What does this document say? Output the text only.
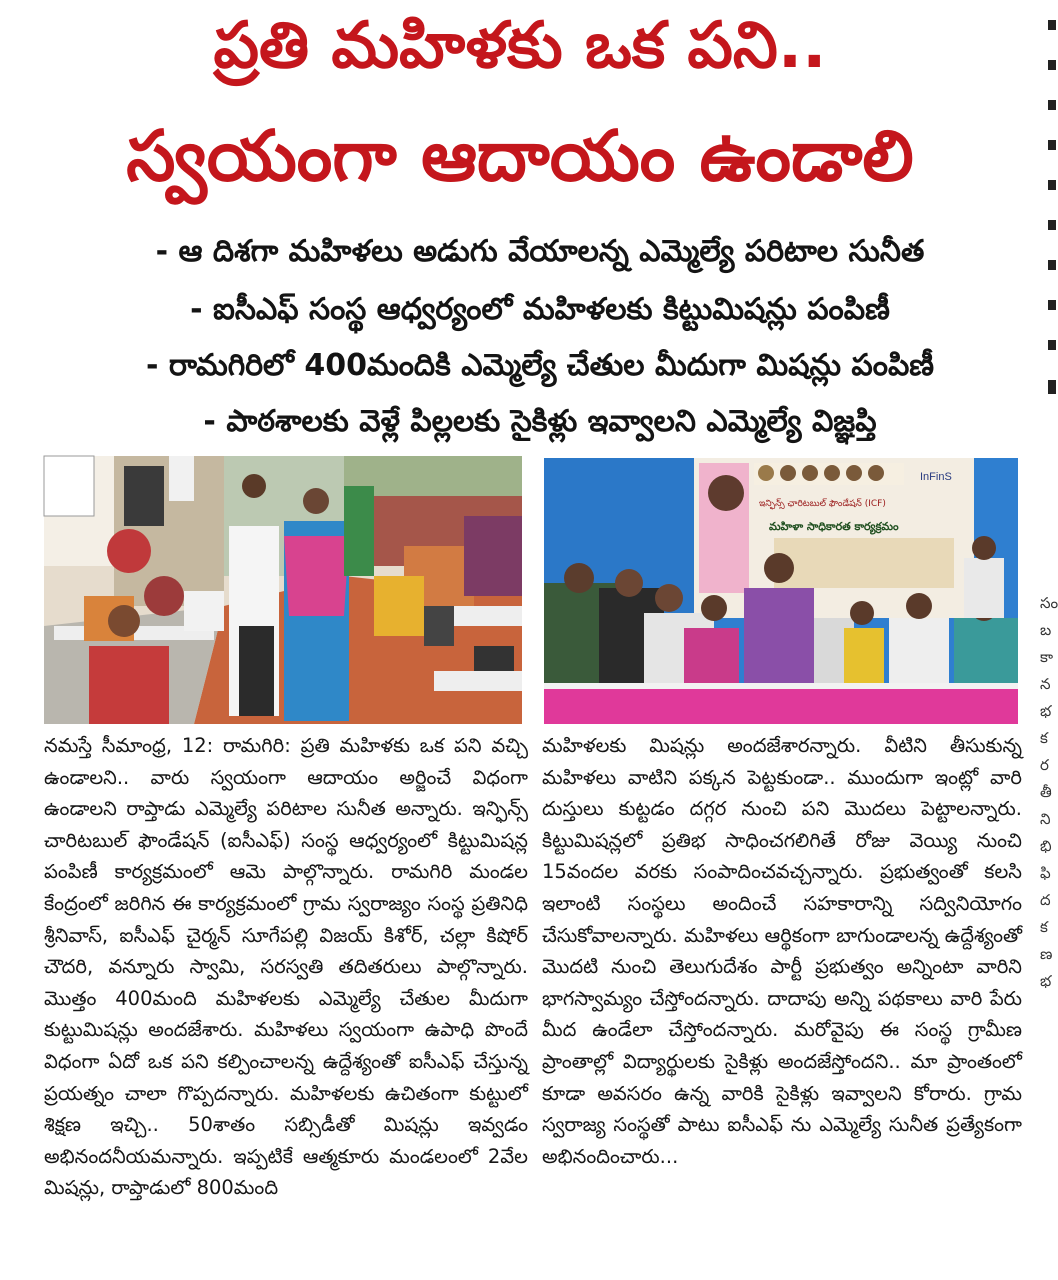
ప్రతి మహిళకు ఒక పని..
స్వయంగా ఆదాయం ఉండాలి
- ఆ దిశగా మహిళలు అడుగు వేయాలన్న ఎమ్మెల్యే పరిటాల సునీత
- ఐసీఎఫ్ సంస్థ ఆధ్వర్యంలో మహిళలకు కిట్టుమిషన్లు పంపిణీ
- రామగిరిలో 400మందికి ఎమ్మెల్యే చేతుల మీదుగా మిషన్లు పంపిణీ
- పాఠశాలకు వెళ్లే పిల్లలకు సైకిళ్లు ఇవ్వాలని ఎమ్మెల్యే విజ్ఞప్తి
InFinS
ఇన్ఫిన్స్ ఛారిటబుల్ ఫౌండేషన్ (ICF)
మహిళా సాధికారత కార్యక్రమం

నమస్తే సీమాంధ్ర, 12: రామగిరి: ప్రతి మహిళకు ఒక పని వచ్చి ఉండాలని.. వారు స్వయంగా ఆదాయం అర్జించే విధంగా ఉండాలని రాప్తాడు ఎమ్మెల్యే పరిటాల సునీత అన్నారు. ఇన్ఫిన్స్ చారిటబుల్ ఫౌండేషన్ (ఐసీఎఫ్) సంస్థ ఆధ్వర్యంలో కిట్టుమిషన్ల పంపిణీ కార్యక్రమంలో ఆమె పాల్గొన్నారు. రామగిరి మండల కేంద్రంలో జరిగిన ఈ కార్యక్రమంలో గ్రామ స్వరాజ్యం సంస్థ ప్రతినిధి శ్రీనివాస్, ఐసీఎఫ్ చైర్మన్ సూగేపల్లి విజయ్ కిశోర్, చల్లా కిషోర్ చౌదరి, వన్నూరు స్వామి, సరస్వతి తదితరులు పాల్గొన్నారు. మొత్తం 400మంది మహిళలకు ఎమ్మెల్యే చేతుల మీదుగా కుట్టుమిషన్లు అందజేశారు. మహిళలు స్వయంగా ఉపాధి పొందే విధంగా ఏదో ఒక పని కల్పించాలన్న ఉద్దేశ్యంతో ఐసీఎఫ్ చేస్తున్న ప్రయత్నం చాలా గొప్పదన్నారు. మహిళలకు ఉచితంగా కుట్టులో శిక్షణ ఇచ్చి.. 50శాతం సబ్సిడీతో మిషన్లు ఇవ్వడం అభినందనీయమన్నారు. ఇప్పటికే ఆత్మకూరు మండలంలో 2వేల మిషన్లు, రాప్తాడులో 800మంది

మహిళలకు మిషన్లు అందజేశారన్నారు. వీటిని తీసుకున్న మహిళలు వాటిని పక్కన పెట్టకుండా.. ముందుగా ఇంట్లో వారి దుస్తులు కుట్టడం దగ్గర నుంచి పని మొదలు పెట్టాలన్నారు. కిట్టుమిషన్లలో ప్రతిభ సాధించగలిగితే రోజు వెయ్యి నుంచి 15వందల వరకు సంపాదించవచ్చన్నారు. ప్రభుత్వంతో కలసి ఇలాంటి సంస్థలు అందించే సహకారాన్ని సద్వినియోగం చేసుకోవాలన్నారు. మహిళలు ఆర్థికంగా బాగుండాలన్న ఉద్దేశ్యంతో మొదటి నుంచి తెలుగుదేశం పార్టీ ప్రభుత్వం అన్నింటా వారిని భాగస్వామ్యం చేస్తోందన్నారు. దాదాపు అన్ని పథకాలు వారి పేరు మీద ఉండేలా చేస్తోందన్నారు. మరోవైపు ఈ సంస్థ గ్రామీణ ప్రాంతాల్లో విద్యార్థులకు సైకిళ్లు అందజేస్తోందని.. మా ప్రాంతంలో కూడా అవసరం ఉన్న వారికి సైకిళ్లు ఇవ్వాలని కోరారు. గ్రామ స్వరాజ్య సంస్థతో పాటు ఐసీఎఫ్ ను ఎమ్మెల్యే సునీత ప్రత్యేకంగా అభినందించారు...

సంబ కా న భ క ర తీ ని భి ఫి ద క ణ భ
